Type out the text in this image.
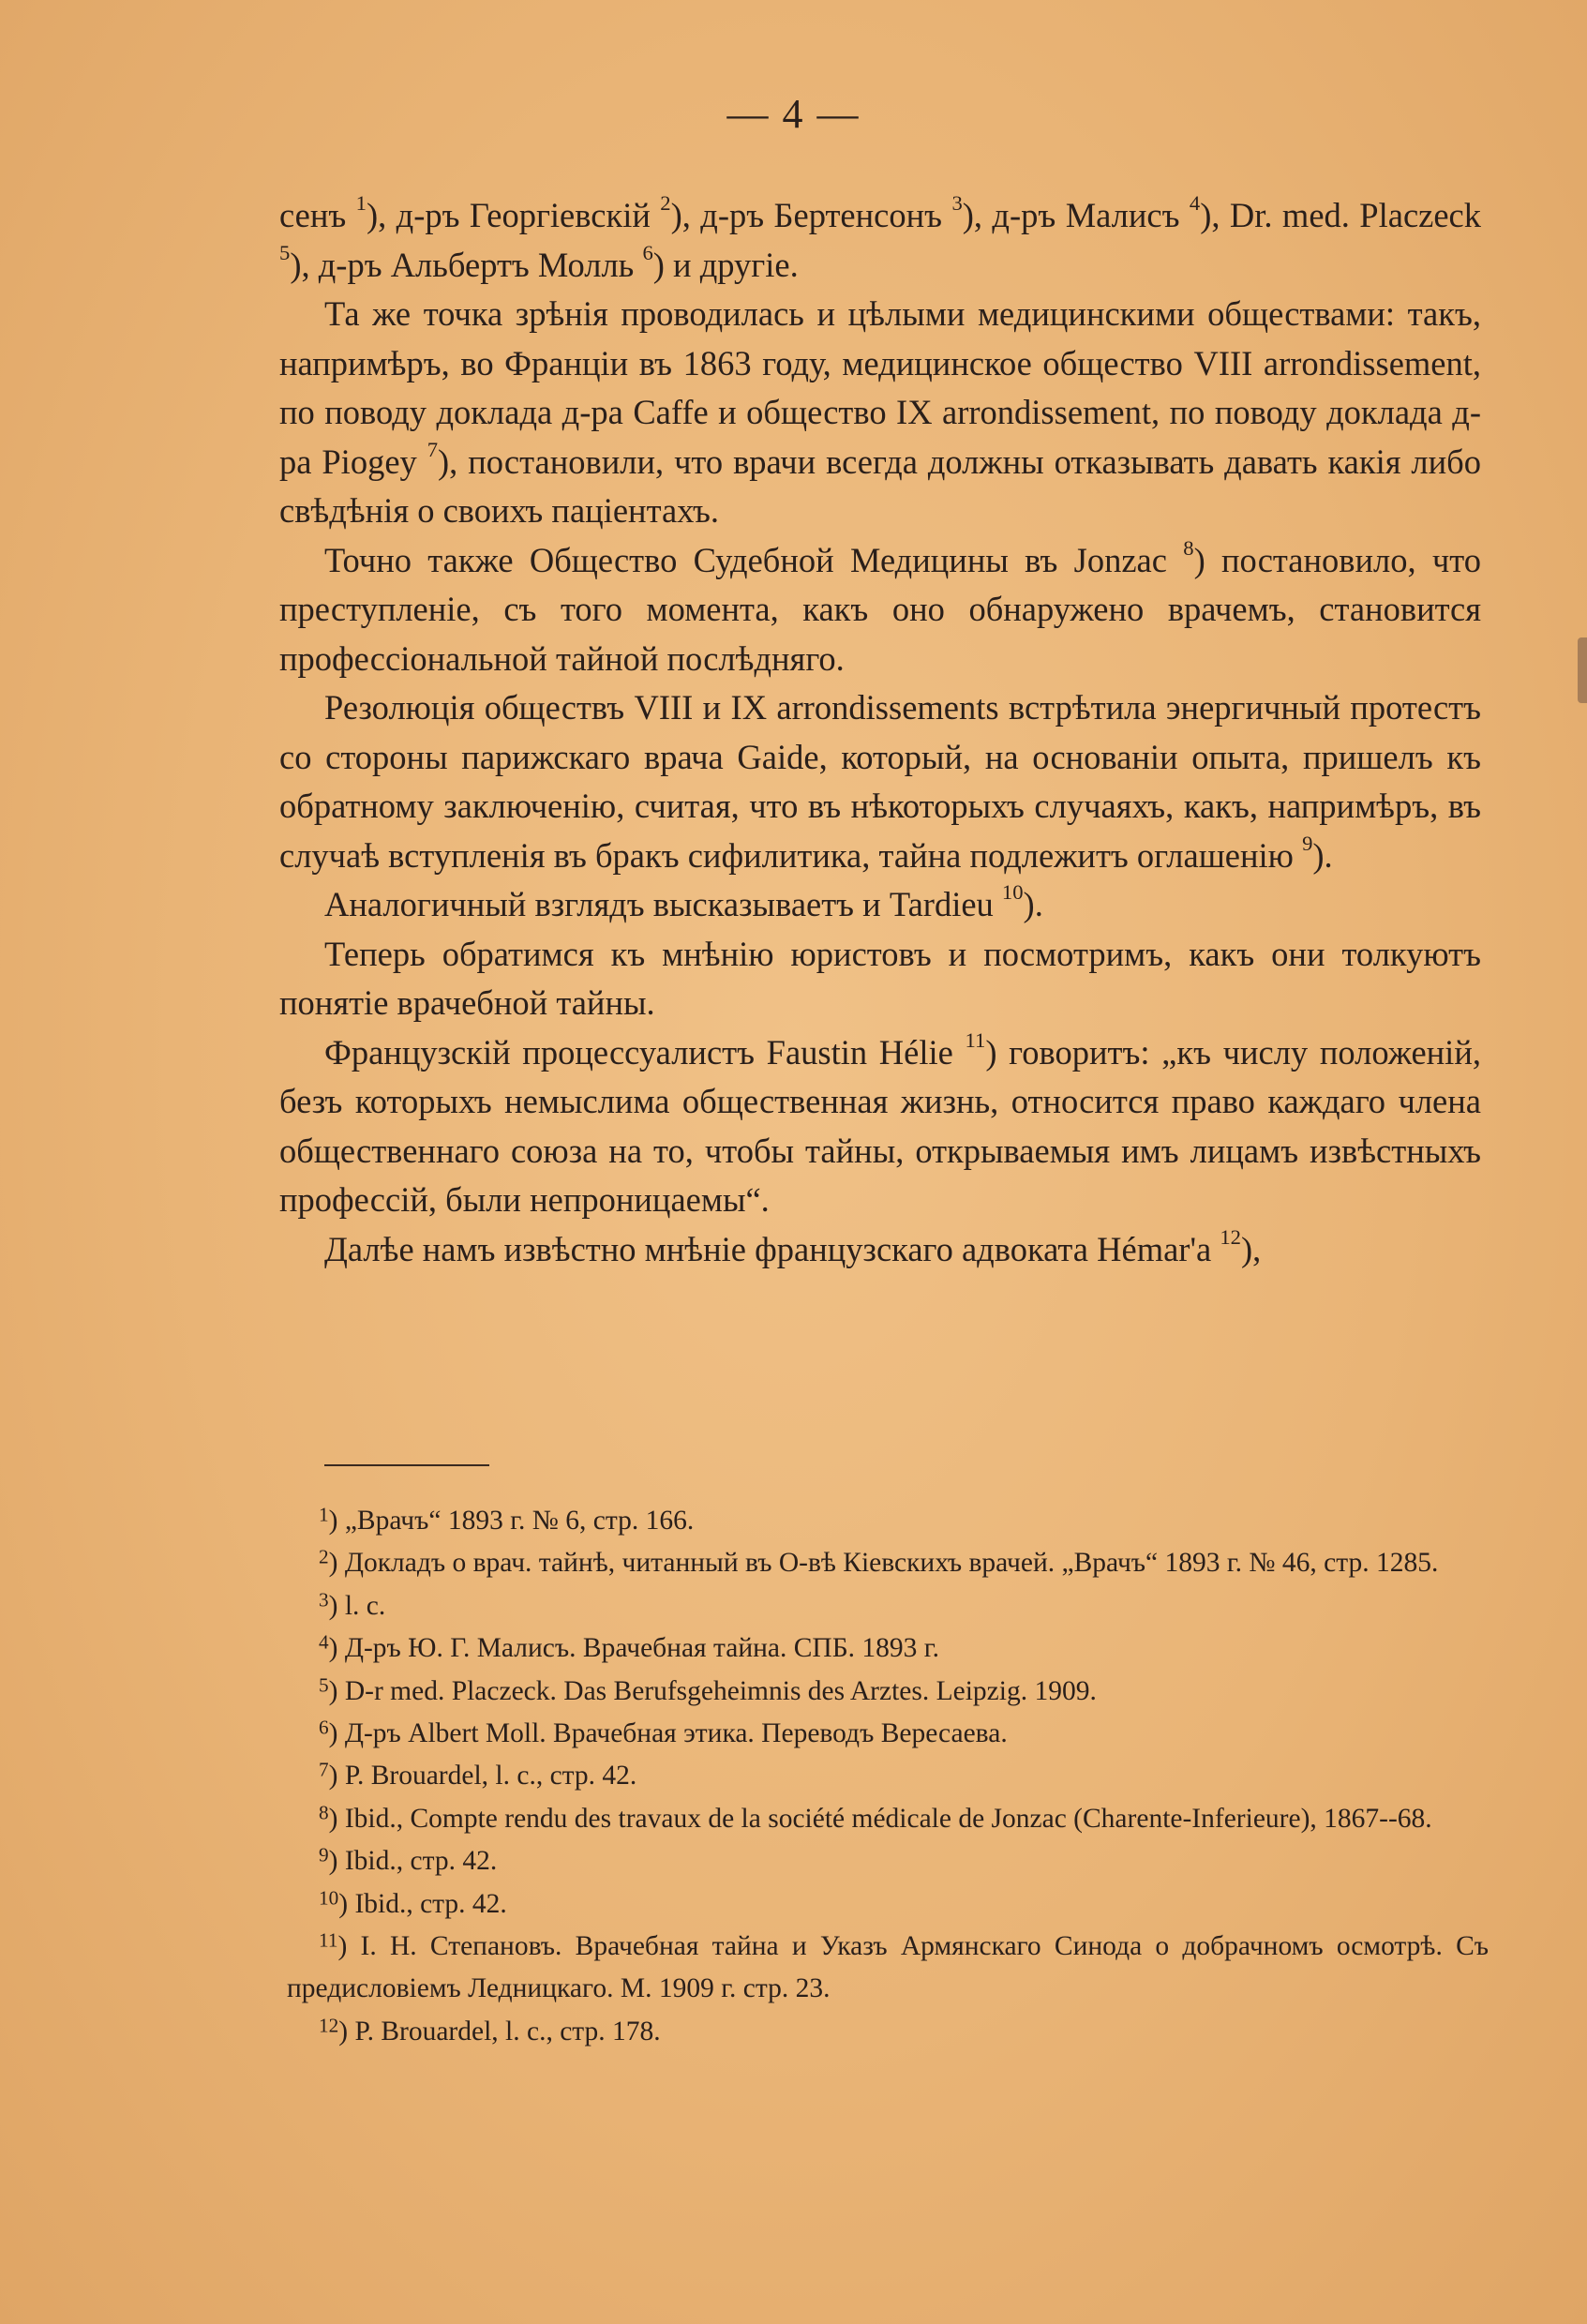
— 4 —

сенъ $^1$), д-ръ Георгіевскій $^2$), д-ръ Бертенсонъ $^3$), д-ръ Малисъ $^4$), Dr. med. Placzeck $^5$), д-ръ Альбертъ Молль $^6$) и другіе.

Та же точка зрѣнія проводилась и цѣлыми медицинскими обществами: такъ, напримѣръ, во Франціи въ 1863 году, медицинское общество VIII arrondissement, по поводу доклада д-ра Caffe и общество IX arrondissement, по поводу доклада д-ра Piogey $^7$), постановили, что врачи всегда должны отказывать давать какія либо свѣдѣнія о своихъ паціентахъ.

Точно также Общество Судебной Медицины въ Jonzac $^8$) постановило, что преступленіе, съ того момента, какъ оно обнаружено врачемъ, становится профессіональной тайной послѣдняго.

Резолюція обществъ VIII и IX arrondissements встрѣтила энергичный протестъ со стороны парижскаго врача Gaide, который, на основаніи опыта, пришелъ къ обратному заключенію, считая, что въ нѣкоторыхъ случаяхъ, какъ, напримѣръ, въ случаѣ вступленія въ бракъ сифилитика, тайна подлежитъ оглашенію $^9$).

Аналогичный взглядъ высказываетъ и Tardieu $^{10}$).

Теперь обратимся къ мнѣнію юристовъ и посмотримъ, какъ они толкуютъ понятіе врачебной тайны.

Французскій процессуалистъ Faustin Hélie $^{11}$) говоритъ: „къ числу положеній, безъ которыхъ немыслима общественная жизнь, относится право каждаго члена общественнаго союза на то, чтобы тайны, открываемыя имъ лицамъ извѣстныхъ профессій, были непроницаемы“.

Далѣе намъ извѣстно мнѣніе французскаго адвоката Hémar'а $^{12}$),

$^1$) „Врачъ“ 1893 г. № 6, стр. 166.

$^2$) Докладъ о врач. тайнѣ, читанный въ О-вѣ Кіевскихъ врачей. „Врачъ“ 1893 г. № 46, стр. 1285.

$^3$) l. c.

$^4$) Д-ръ Ю. Г. Малисъ. Врачебная тайна. СПБ. 1893 г.

$^5$) D-r med. Placzeck. Das Berufsgeheimnis des Arztes. Leipzig. 1909.

$^6$) Д-ръ Albert Moll. Врачебная этика. Переводъ Вересаева.

$^7$) P. Brouardel, l. c., стр. 42.

$^8$) Ibid., Compte rendu des travaux de la société médicale de Jonzac (Charente-Inferieure), 1867--68.

$^9$) Ibid., стр. 42.

$^{10}$) Ibid., стр. 42.

$^{11}$) I. Н. Степановъ. Врачебная тайна и Указъ Армянскаго Синода о добрачномъ осмотрѣ. Съ предисловіемъ Ледницкаго. М. 1909 г. стр. 23.

$^{12}$) P. Brouardel, l. c., стр. 178.
